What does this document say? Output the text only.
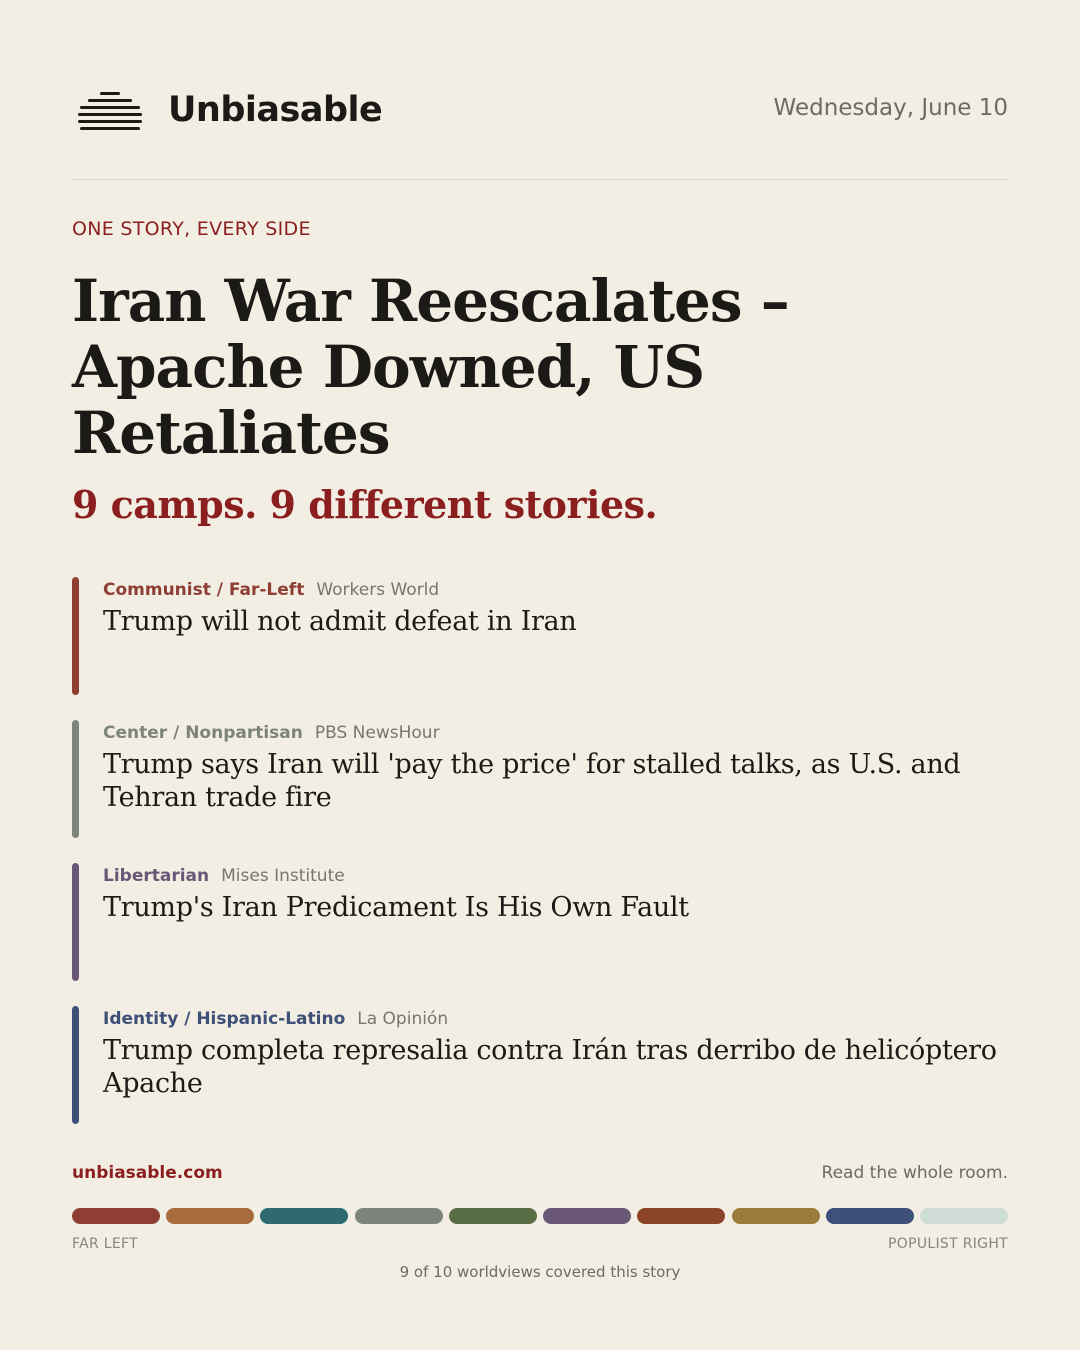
Unbiasable	Wednesday, June 10
ONE STORY, EVERY SIDE
Iran War Reescalates – Apache Downed, US Retaliates
9 camps. 9 different stories.
Communist / Far-Left Workers World
Trump will not admit defeat in Iran
Center / Nonpartisan PBS NewsHour
Trump says Iran will 'pay the price' for stalled talks, as U.S. and Tehran trade fire
Libertarian Mises Institute
Trump's Iran Predicament Is His Own Fault
Identity / Hispanic-Latino La Opinión
Trump completa represalia contra Irán tras derribo de helicóptero Apache
unbiasable.com	Read the whole room.
FAR LEFT	POPULIST RIGHT
9 of 10 worldviews covered this story
